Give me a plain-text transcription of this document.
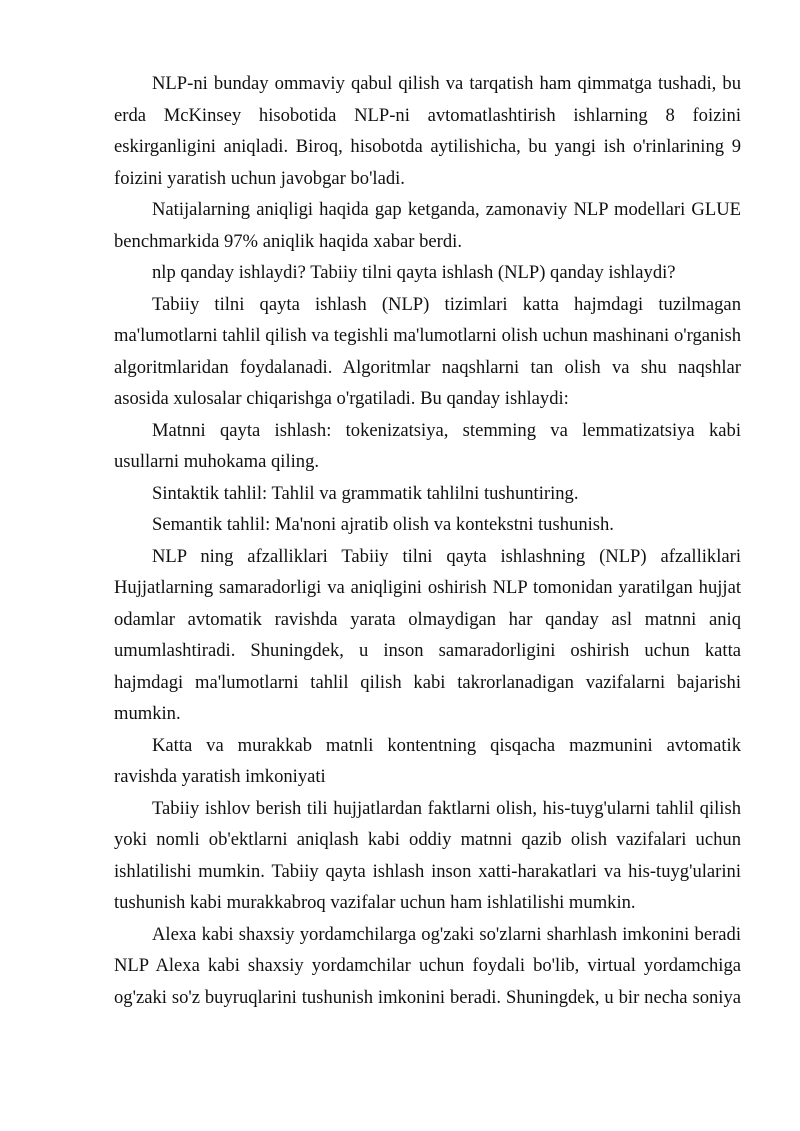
NLP-ni bunday ommaviy qabul qilish va tarqatish ham qimmatga tushadi, bu erda McKinsey hisobotida NLP-ni avtomatlashtirish ishlarning 8 foizini eskirganligini aniqladi. Biroq, hisobotda aytilishicha, bu yangi ish o'rinlarining 9 foizini yaratish uchun javobgar bo'ladi.

Natijalarning aniqligi haqida gap ketganda, zamonaviy NLP modellari GLUE benchmarkida 97% aniqlik haqida xabar berdi.

nlp qanday ishlaydi? Tabiiy tilni qayta ishlash (NLP) qanday ishlaydi?

Tabiiy tilni qayta ishlash (NLP) tizimlari katta hajmdagi tuzilmagan ma'lumotlarni tahlil qilish va tegishli ma'lumotlarni olish uchun mashinani o'rganish algoritmlaridan foydalanadi. Algoritmlar naqshlarni tan olish va shu naqshlar asosida xulosalar chiqarishga o'rgatiladi. Bu qanday ishlaydi:

Matnni qayta ishlash: tokenizatsiya, stemming va lemmatizatsiya kabi usullarni muhokama qiling.

Sintaktik tahlil: Tahlil va grammatik tahlilni tushuntiring.

Semantik tahlil: Ma'noni ajratib olish va kontekstni tushunish.

NLP ning afzalliklari Tabiiy tilni qayta ishlashning (NLP) afzalliklari Hujjatlarning samaradorligi va aniqligini oshirish NLP tomonidan yaratilgan hujjat odamlar avtomatik ravishda yarata olmaydigan har qanday asl matnni aniq umumlashtiradi. Shuningdek, u inson samaradorligini oshirish uchun katta hajmdagi ma'lumotlarni tahlil qilish kabi takrorlanadigan vazifalarni bajarishi mumkin.

Katta va murakkab matnli kontentning qisqacha mazmunini avtomatik ravishda yaratish imkoniyati

Tabiiy ishlov berish tili hujjatlardan faktlarni olish, his-tuyg'ularni tahlil qilish yoki nomli ob'ektlarni aniqlash kabi oddiy matnni qazib olish vazifalari uchun ishlatilishi mumkin. Tabiiy qayta ishlash inson xatti-harakatlari va his-tuyg'ularini tushunish kabi murakkabroq vazifalar uchun ham ishlatilishi mumkin.

Alexa kabi shaxsiy yordamchilarga og'zaki so'zlarni sharhlash imkonini beradi NLP Alexa kabi shaxsiy yordamchilar uchun foydali bo'lib, virtual yordamchiga og'zaki so'z buyruqlarini tushunish imkonini beradi. Shuningdek, u bir necha soniya
